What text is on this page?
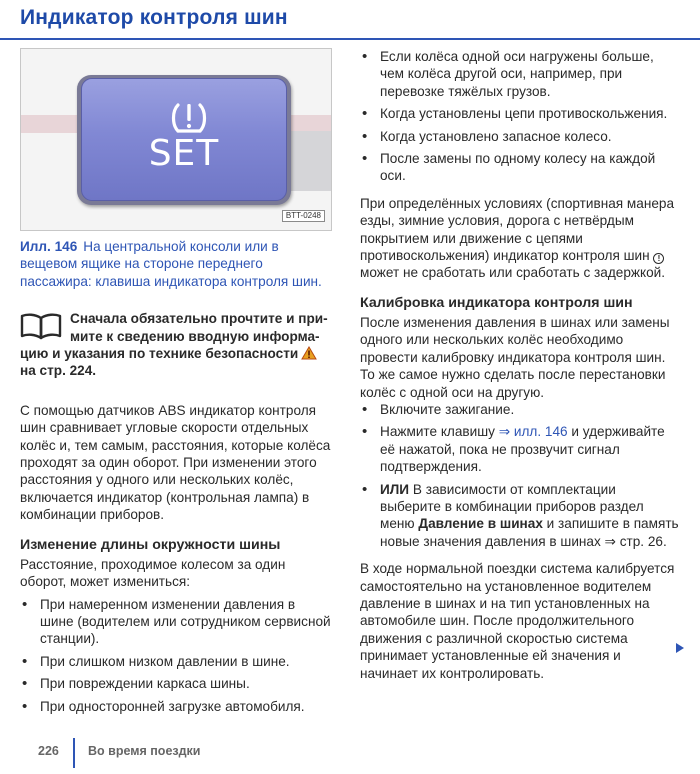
Индикатор контроля шин
SET
BTT-0248
Илл. 146 На центральной консоли или в вещевом ящике на стороне переднего пассажира: клавиша индикатора контроля шин.
Сначала обязательно прочтите и при-
мите к сведению вводную информа-
цию и указания по технике безопасности
на стр. 224.

С помощью датчиков ABS индикатор контроля шин сравнивает угловые скорости отдельных колёс и, тем самым, расстояния, которые колёса проходят за один оборот. При изменении этого расстояния у одного или нескольких колёс, включается индикатор (контрольная лампа) в комбинации приборов.

Изменение длины окружности шины

Расстояние, проходимое колесом за один оборот, может измениться:

• При намеренном изменении давления в шине (водителем или сотрудником сервисной станции).
• При слишком низком давлении в шине.
• При повреждении каркаса шины.
• При односторонней загрузке автомобиля.
• Если колёса одной оси нагружены больше, чем колёса другой оси, например, при перевозке тяжёлых грузов.
• Когда установлены цепи противоскольжения.
• Когда установлено запасное колесо.
• После замены по одному колесу на каждой оси.

При определённых условиях (спортивная манера езды, зимние условия, дорога с нетвёрдым покрытием или движение с цепями противоскольжения) индикатор контроля шин ! может не сработать или сработать с задержкой.

Калибровка индикатора контроля шин

После изменения давления в шинах или замены одного или нескольких колёс необходимо провести калибровку индикатора контроля шин. То же самое нужно сделать после перестановки колёс с одной оси на другую.

• Включите зажигание.
• Нажмите клавишу ⇒ илл. 146 и удерживайте её нажатой, пока не прозвучит сигнал подтверждения.
• ИЛИ В зависимости от комплектации выберите в комбинации приборов раздел меню Давление в шинах и запишите в память новые значения давления в шинах ⇒ стр. 26.

В ходе нормальной поездки система калибруется самостоятельно на установленное водителем давление в шинах и на тип установленных на автомобиле шин. После продолжительного движения с различной скоростью система принимает установленные ей значения и начинает их контролировать.

226 Во время поездки
